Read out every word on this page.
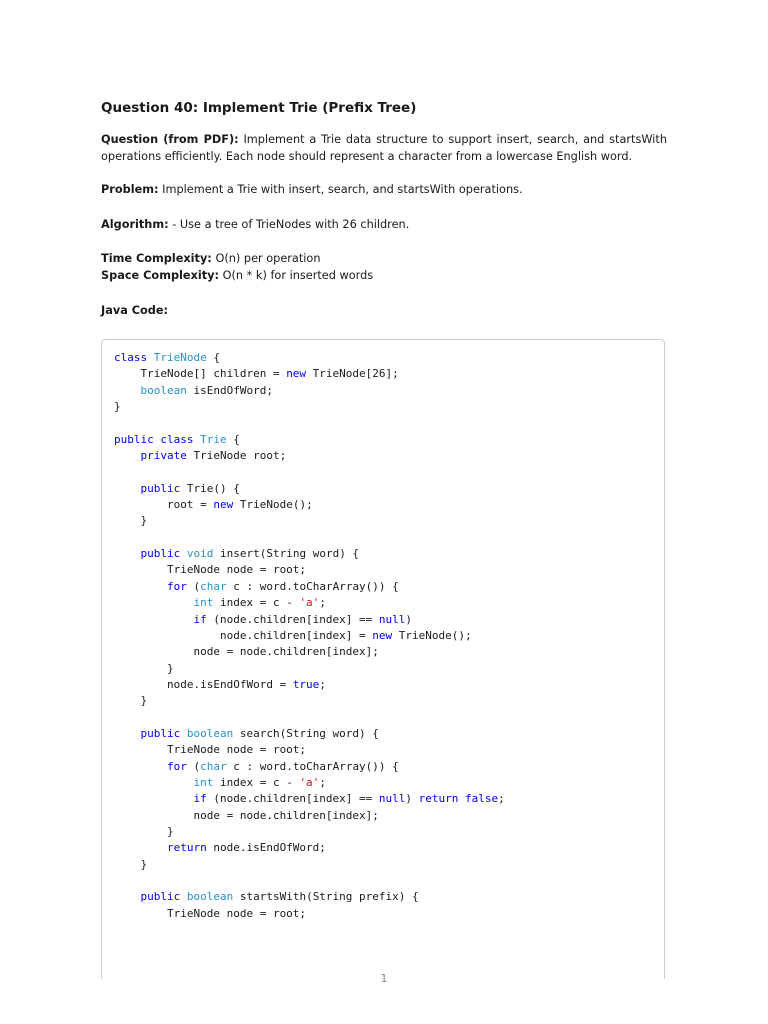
Question 40: Implement Trie (Prefix Tree)

Question (from PDF): Implement a Trie data structure to support insert, search, and startsWith operations efficiently. Each node should represent a character from a lowercase English word.

Problem: Implement a Trie with insert, search, and startsWith operations.

Algorithm: - Use a tree of TrieNodes with 26 children.

Time Complexity: O(n) per operation

Space Complexity: O(n * k) for inserted words

Java Code:

class TrieNode {
TrieNode[] children = new TrieNode[26];
boolean isEndOfWord;
}

public class Trie {
private TrieNode root;

public Trie() {
root = new TrieNode();
}

public void insert(String word) {
TrieNode node = root;
for (char c : word.toCharArray()) {
int index = c - 'a';
if (node.children[index] == null)
node.children[index] = new TrieNode();
node = node.children[index];
}
node.isEndOfWord = true;
}

public boolean search(String word) {
TrieNode node = root;
for (char c : word.toCharArray()) {
int index = c - 'a';
if (node.children[index] == null) return false;
node = node.children[index];
}
return node.isEndOfWord;
}

public boolean startsWith(String prefix) {
TrieNode node = root;

1
